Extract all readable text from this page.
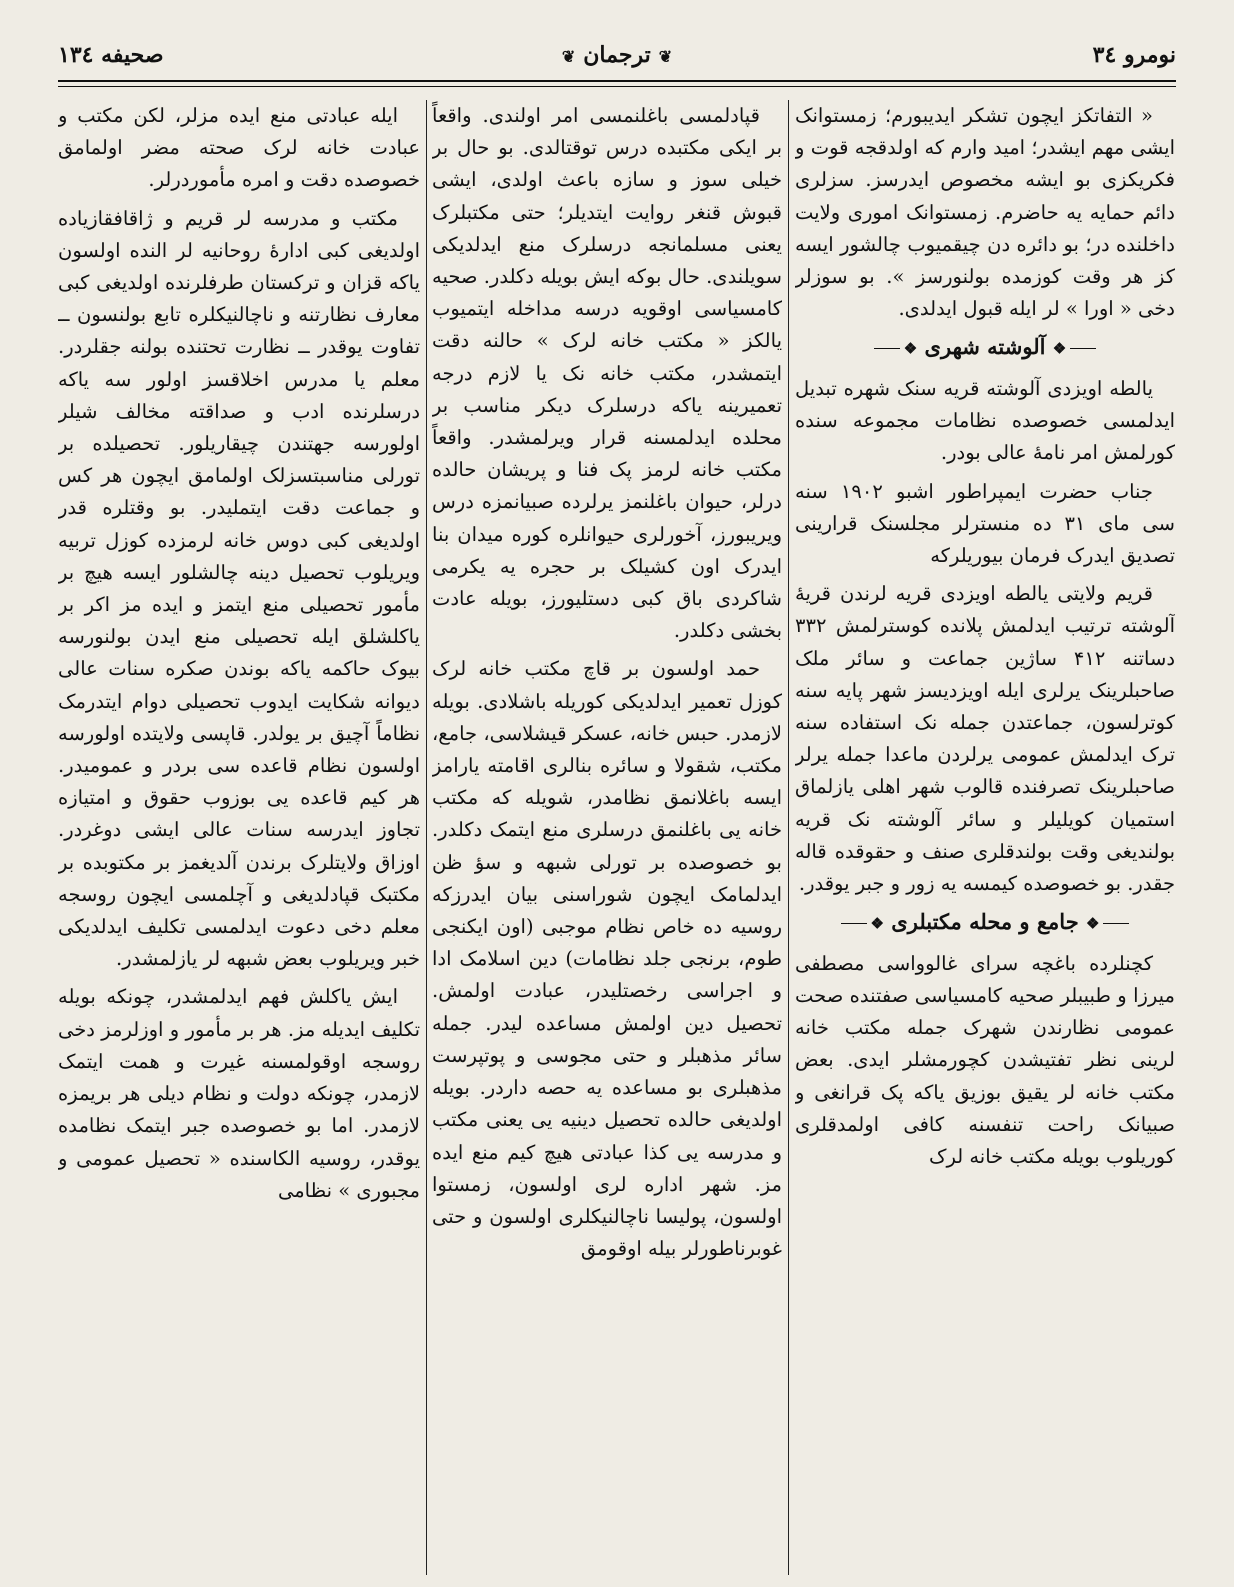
نومرو ۳٤
❦ترجمان❦
صحیفه ۱۳٤

« التفاتکز ایچون تشکر ایدیبورم؛ زمستوانک ایشی مهم ایشدر؛ امید وارم که اولدقجه قوت و فکریکزی بو ایشه مخصوص ایدرسز. سزلری دائم حمایه یه حاضرم. زمستوانک اموری ولایت داخلنده در؛ بو دائره دن چیقمیوب چالشور ایسه کز هر وقت کوزمده بولنورسز ». بو سوزلر دخی « اورا » لر ایله قبول ایدلدی.

❖ آلوشته شهری ❖

یالطه اویزدی آلوشته قریه سنک شهره تبدیل ایدلمسی خصوصده نظامات مجموعه سنده کورلمش امر نامهٔ عالی بودر.

جناب حضرت ایمپراطور اشبو ۱۹۰۲ سنه سی مای ۳۱ ده منسترلر مجلسنک قرارینی تصدیق ایدرک فرمان بیوریلرکه

قریم ولایتی یالطه اویزدی قریه لرندن قریهٔ آلوشته ترتیب ایدلمش پلانده کوسترلمش ۳۳۲ دساتنه ۴۱۲ ساژین جماعت و سائر ملک صاحبلرینک یرلری ایله اویزدیسز شهر پایه سنه کوترلسون، جماعتدن جمله نک استفاده سنه ترک ایدلمش عمومی یرلردن ماعدا جمله یرلر صاحبلرینک تصرفنده قالوب شهر اهلی یازلماق استمیان کویلیلر و سائر آلوشته نک قریه بولندیغی وقت بولندقلری صنف و حقوقده قاله جقدر. بو خصوصده کیمسه یه زور و جبر یوقدر.

❖ جامع و محله مکتبلری ❖

کچنلرده باغچه سرای غالوواسی مصطفی میرزا و طبیبلر صحیه کامسیاسی صفتنده صحت عمومی نظارندن شهرک جمله مکتب خانه لرینی نظر تفتیشدن کچورمشلر ایدی. بعض مکتب خانه لر یقیق بوزیق یاکه پک قرانغی و صبیانک راحت تنفسنه کافی اولمدقلری کوریلوب بویله مکتب خانه لرک

قپادلمسی باغلنمسی امر اولندی. واقعاً بر ایکی مکتبده درس توقتالدی. بو حال بر خیلی سوز و سازه باعث اولدی، ایشی قبوش قنغر روایت ایتدیلر؛ حتی مکتبلرک یعنی مسلمانجه درسلرک منع ایدلدیکی سویلندی. حال بوکه ایش بویله دکلدر. صحیه کامسیاسی اوقویه درسه مداخله ایتمیوب یالکز « مکتب خانه لرک » حالنه دقت ایتمشدر، مکتب خانه نک یا لازم درجه تعمیرینه یاکه درسلرک دیکر مناسب بر محلده ایدلمسنه قرار ویرلمشدر. واقعاً مکتب خانه لرمز پک فنا و پریشان حالده درلر، حیوان باغلنمز یرلرده صبیانمزه درس ویریبورز، آخورلری حیوانلره کوره میدان بنا ایدرک اون کشیلک بر حجره یه یکرمی شاکردی باق کبی دستلیورز، بویله عادت بخشی دکلدر.

حمد اولسون بر قاچ مکتب خانه لرک کوزل تعمیر ایدلدیکی کوریله باشلادی. بویله لازمدر. حبس خانه، عسکر قیشلاسی، جامع، مکتب، شقولا و سائره بنالری اقامته یارامز ایسه باغلانمق نظامدر، شویله که مکتب خانه یی باغلنمق درسلری منع ایتمک دکلدر. بو خصوصده بر تورلی شبهه و سؤ ظن ایدلمامک ایچون شوراسنی بیان ایدرزکه روسیه ده خاص نظام موجبی (اون ایکنجی طوم، برنجی جلد نظامات) دین اسلامک ادا و اجراسی رخصتلیدر، عبادت اولمش. تحصیل دین اولمش مساعده لیدر. جمله سائر مذهبلر و حتی مجوسی و پوتپرست مذهبلری بو مساعده یه حصه داردر. بویله اولدیغی حالده تحصیل دینیه یی یعنی مکتب و مدرسه یی کذا عبادتی هیچ کیم منع ایده مز. شهر اداره لری اولسون، زمستوا اولسون، پولیسا ناچالنیکلری اولسون و حتی غوبرناطورلر بیله اوقومق

ایله عبادتی منع ایده مزلر، لکن مکتب و عبادت خانه لرک صحته مضر اولمامق خصوصده دقت و امره مأموردرلر.

مکتب و مدرسه لر قریم و ژاقافقازیاده اولدیغی کبی ادارهٔ روحانیه لر النده اولسون یاکه قزان و ترکستان طرفلرنده اولدیغی کبی معارف نظارتنه و ناچالنیکلره تابع بولنسون ــ تفاوت یوقدر ــ نظارت تحتنده بولنه جقلردر. معلم یا مدرس اخلاقسز اولور سه یاکه درسلرنده ادب و صداقته مخالف شیلر اولورسه جهتندن چیقاریلور. تحصیلده بر تورلی مناسبتسزلک اولمامق ایچون هر کس و جماعت دقت ایتملیدر. بو وقتلره قدر اولدیغی کبی دوس خانه لرمزده کوزل تربیه ویریلوب تحصیل دینه چالشلور ایسه هیچ بر مأمور تحصیلی منع ایتمز و ایده مز اکر بر یاکلشلق ایله تحصیلی منع ایدن بولنورسه بیوک حاکمه یاکه بوندن صکره سنات عالی دیوانه شکایت ایدوب تحصیلی دوام ایتدرمک نظاماً آچیق بر یولدر. قاپسی ولایتده اولورسه اولسون نظام قاعده سی بردر و عمومیدر. هر کیم قاعده یی بوزوب حقوق و امتیازه تجاوز ایدرسه سنات عالی ایشی دوغردر. اوزاق ولایتلرک برندن آلدیغمز بر مکتوبده بر مکتبک قپادلدیغی و آچلمسی ایچون روسجه معلم دخی دعوت ایدلمسی تکلیف ایدلدیکی خبر ویریلوب بعض شبهه لر یازلمشدر.

ایش یاکلش فهم ایدلمشدر، چونکه بویله تکلیف ایدیله مز. هر بر مأمور و اوزلرمز دخی روسجه اوقولمسنه غیرت و همت ایتمک لازمدر، چونکه دولت و نظام دیلی هر بریمزه لازمدر. اما بو خصوصده جبر ایتمک نظامده یوقدر، روسیه الکاسنده « تحصیل عمومی و مجبوری » نظامی
